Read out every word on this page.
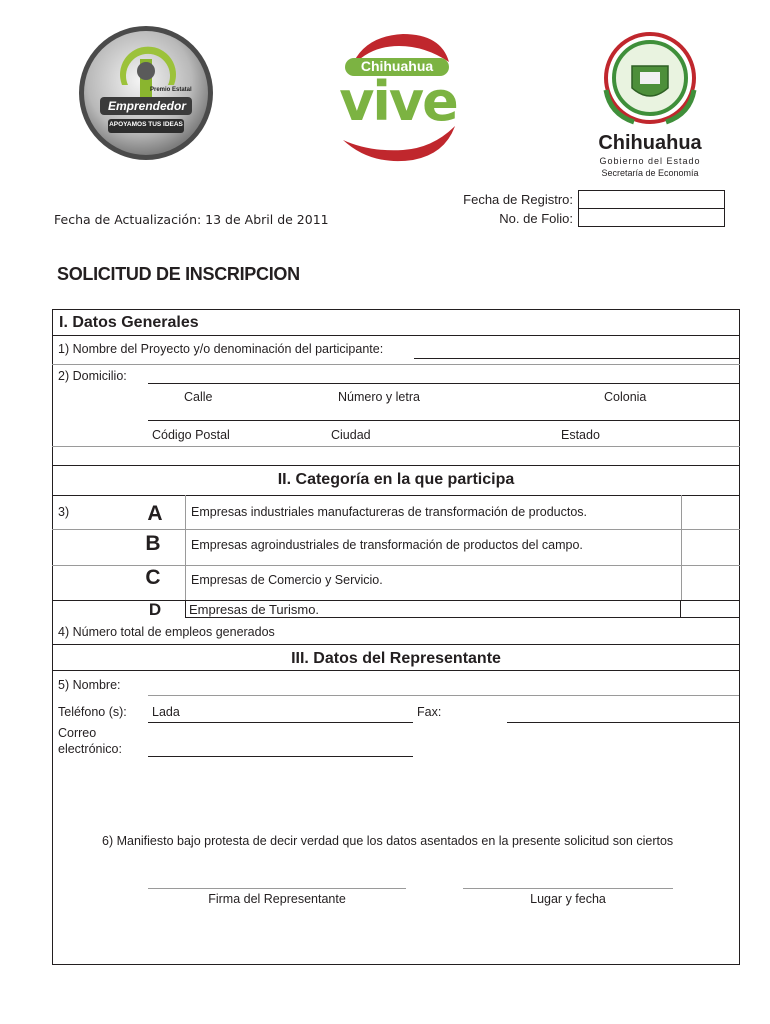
Premio Estatal
Emprendedor
APOYAMOS TUS IDEAS
Chihuahua
vive
Chihuahua
Gobierno del Estado
Secretaría de Economía
Fecha de Registro:
No. de Folio:
Fecha de Actualización: 13 de Abril de 2011
SOLICITUD DE INSCRIPCION
I. Datos Generales
1) Nombre del Proyecto y/o denominación del participante:
2) Domicilio:
Calle	Número y letra	Colonia
Código Postal	Ciudad	Estado
II. Categoría en la que participa
3)	A	Empresas industriales manufactureras de transformación de productos.
B	Empresas agroindustriales de transformación de productos del campo.
C	Empresas de Comercio y Servicio.
D	Empresas de Turismo.
4) Número total de empleos generados
III. Datos del Representante
5) Nombre:
Teléfono (s): Lada	Fax:
Correo
electrónico:
6) Manifiesto bajo protesta de decir verdad que los datos asentados en la presente solicitud son ciertos
Firma del Representante	Lugar y fecha
